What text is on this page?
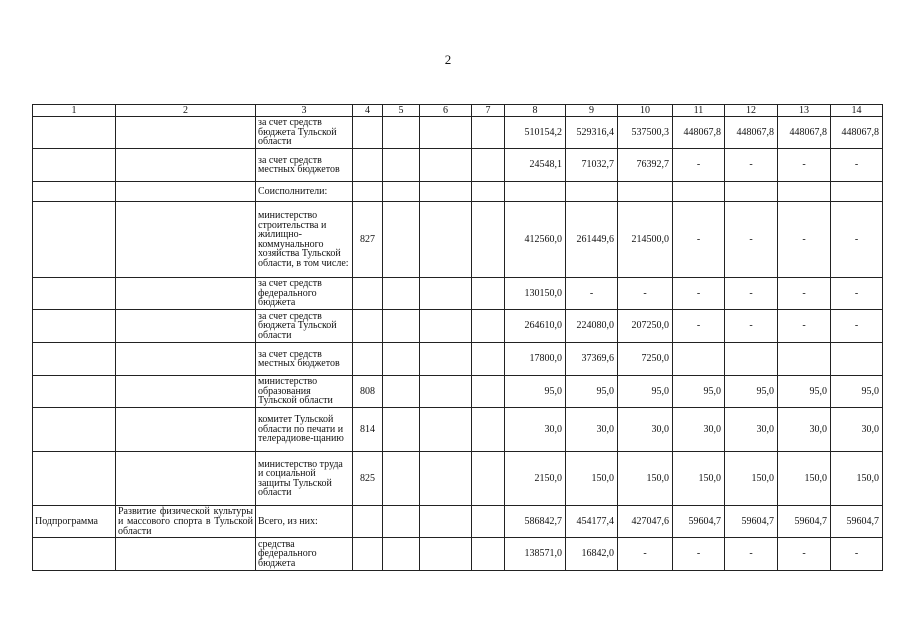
2
1	2	3	4	5	6	7	8	9	10	11	12	13	14
		за счет средств бюджета Тульской области					510154,2	529316,4	537500,3	448067,8	448067,8	448067,8	448067,8
		за счет средств местных бюджетов					24548,1	71032,7	76392,7	-	-	-	-
		Соисполнители:											
		министерство строительства и жилищно-коммунального хозяйства Тульской области, в том числе:	827				412560,0	261449,6	214500,0	-	-	-	-
		за счет средств федерального бюджета					130150,0	-	-	-	-	-	-
		за счет средств бюджета Тульской области					264610,0	224080,0	207250,0	-	-	-	-
		за счет средств местных бюджетов					17800,0	37369,6	7250,0				
		министерство образования Тульской области	808				95,0	95,0	95,0	95,0	95,0	95,0	95,0
		комитет Тульской области по печати и телерадиове-щанию	814				30,0	30,0	30,0	30,0	30,0	30,0	30,0
		министерство труда и социальной защиты Тульской области	825				2150,0	150,0	150,0	150,0	150,0	150,0	150,0
Подпрограмма	Развитие физической культуры и массового спорта в Тульской области	Всего, из них:					586842,7	454177,4	427047,6	59604,7	59604,7	59604,7	59604,7
		средства федерального бюджета					138571,0	16842,0	-	-	-	-	-
